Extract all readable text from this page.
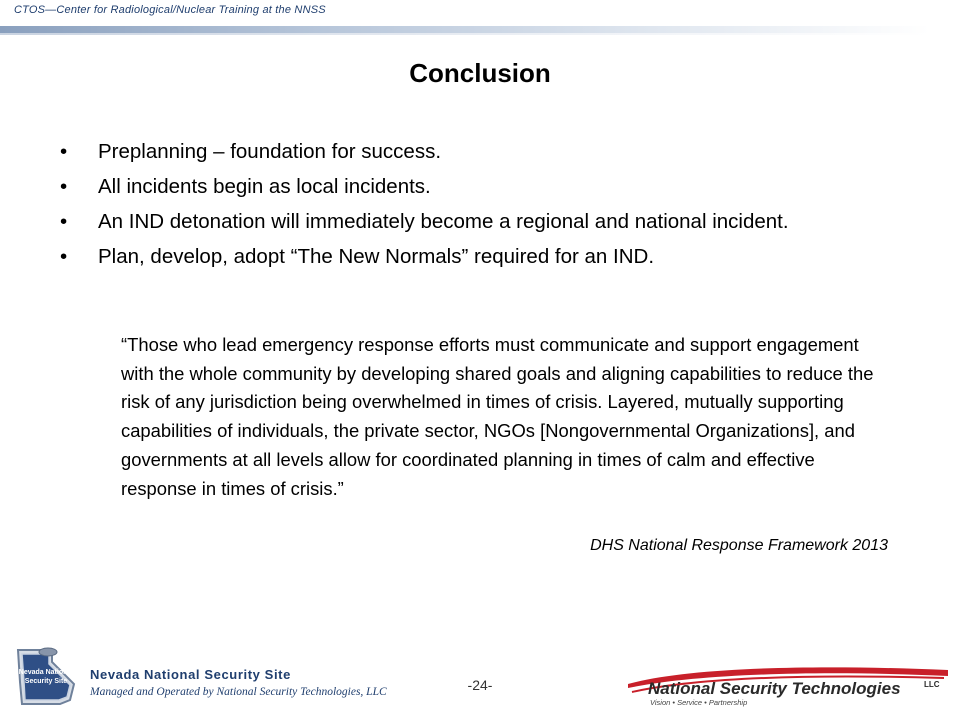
CTOS—Center for Radiological/Nuclear Training at the NNSS
Conclusion
• Preplanning – foundation for success.
• All incidents begin as local incidents.
• An IND detonation will immediately become a regional and national incident.
• Plan, develop, adopt “The New Normals” required for an IND.
“Those who lead emergency response efforts must communicate and support engagement with the whole community by developing shared goals and aligning capabilities to reduce the risk of any jurisdiction being overwhelmed in times of crisis. Layered, mutually supporting capabilities of individuals, the private sector, NGOs [Nongovernmental Organizations], and governments at all levels allow for coordinated planning in times of calm and effective response in times of crisis.”
DHS National Response Framework 2013
Nevada National
Security Site Nevada National Security Site
Managed and Operated by National Security Technologies, LLC	-24-	National Security Technologies	LLC
Vision • Service • Partnership
